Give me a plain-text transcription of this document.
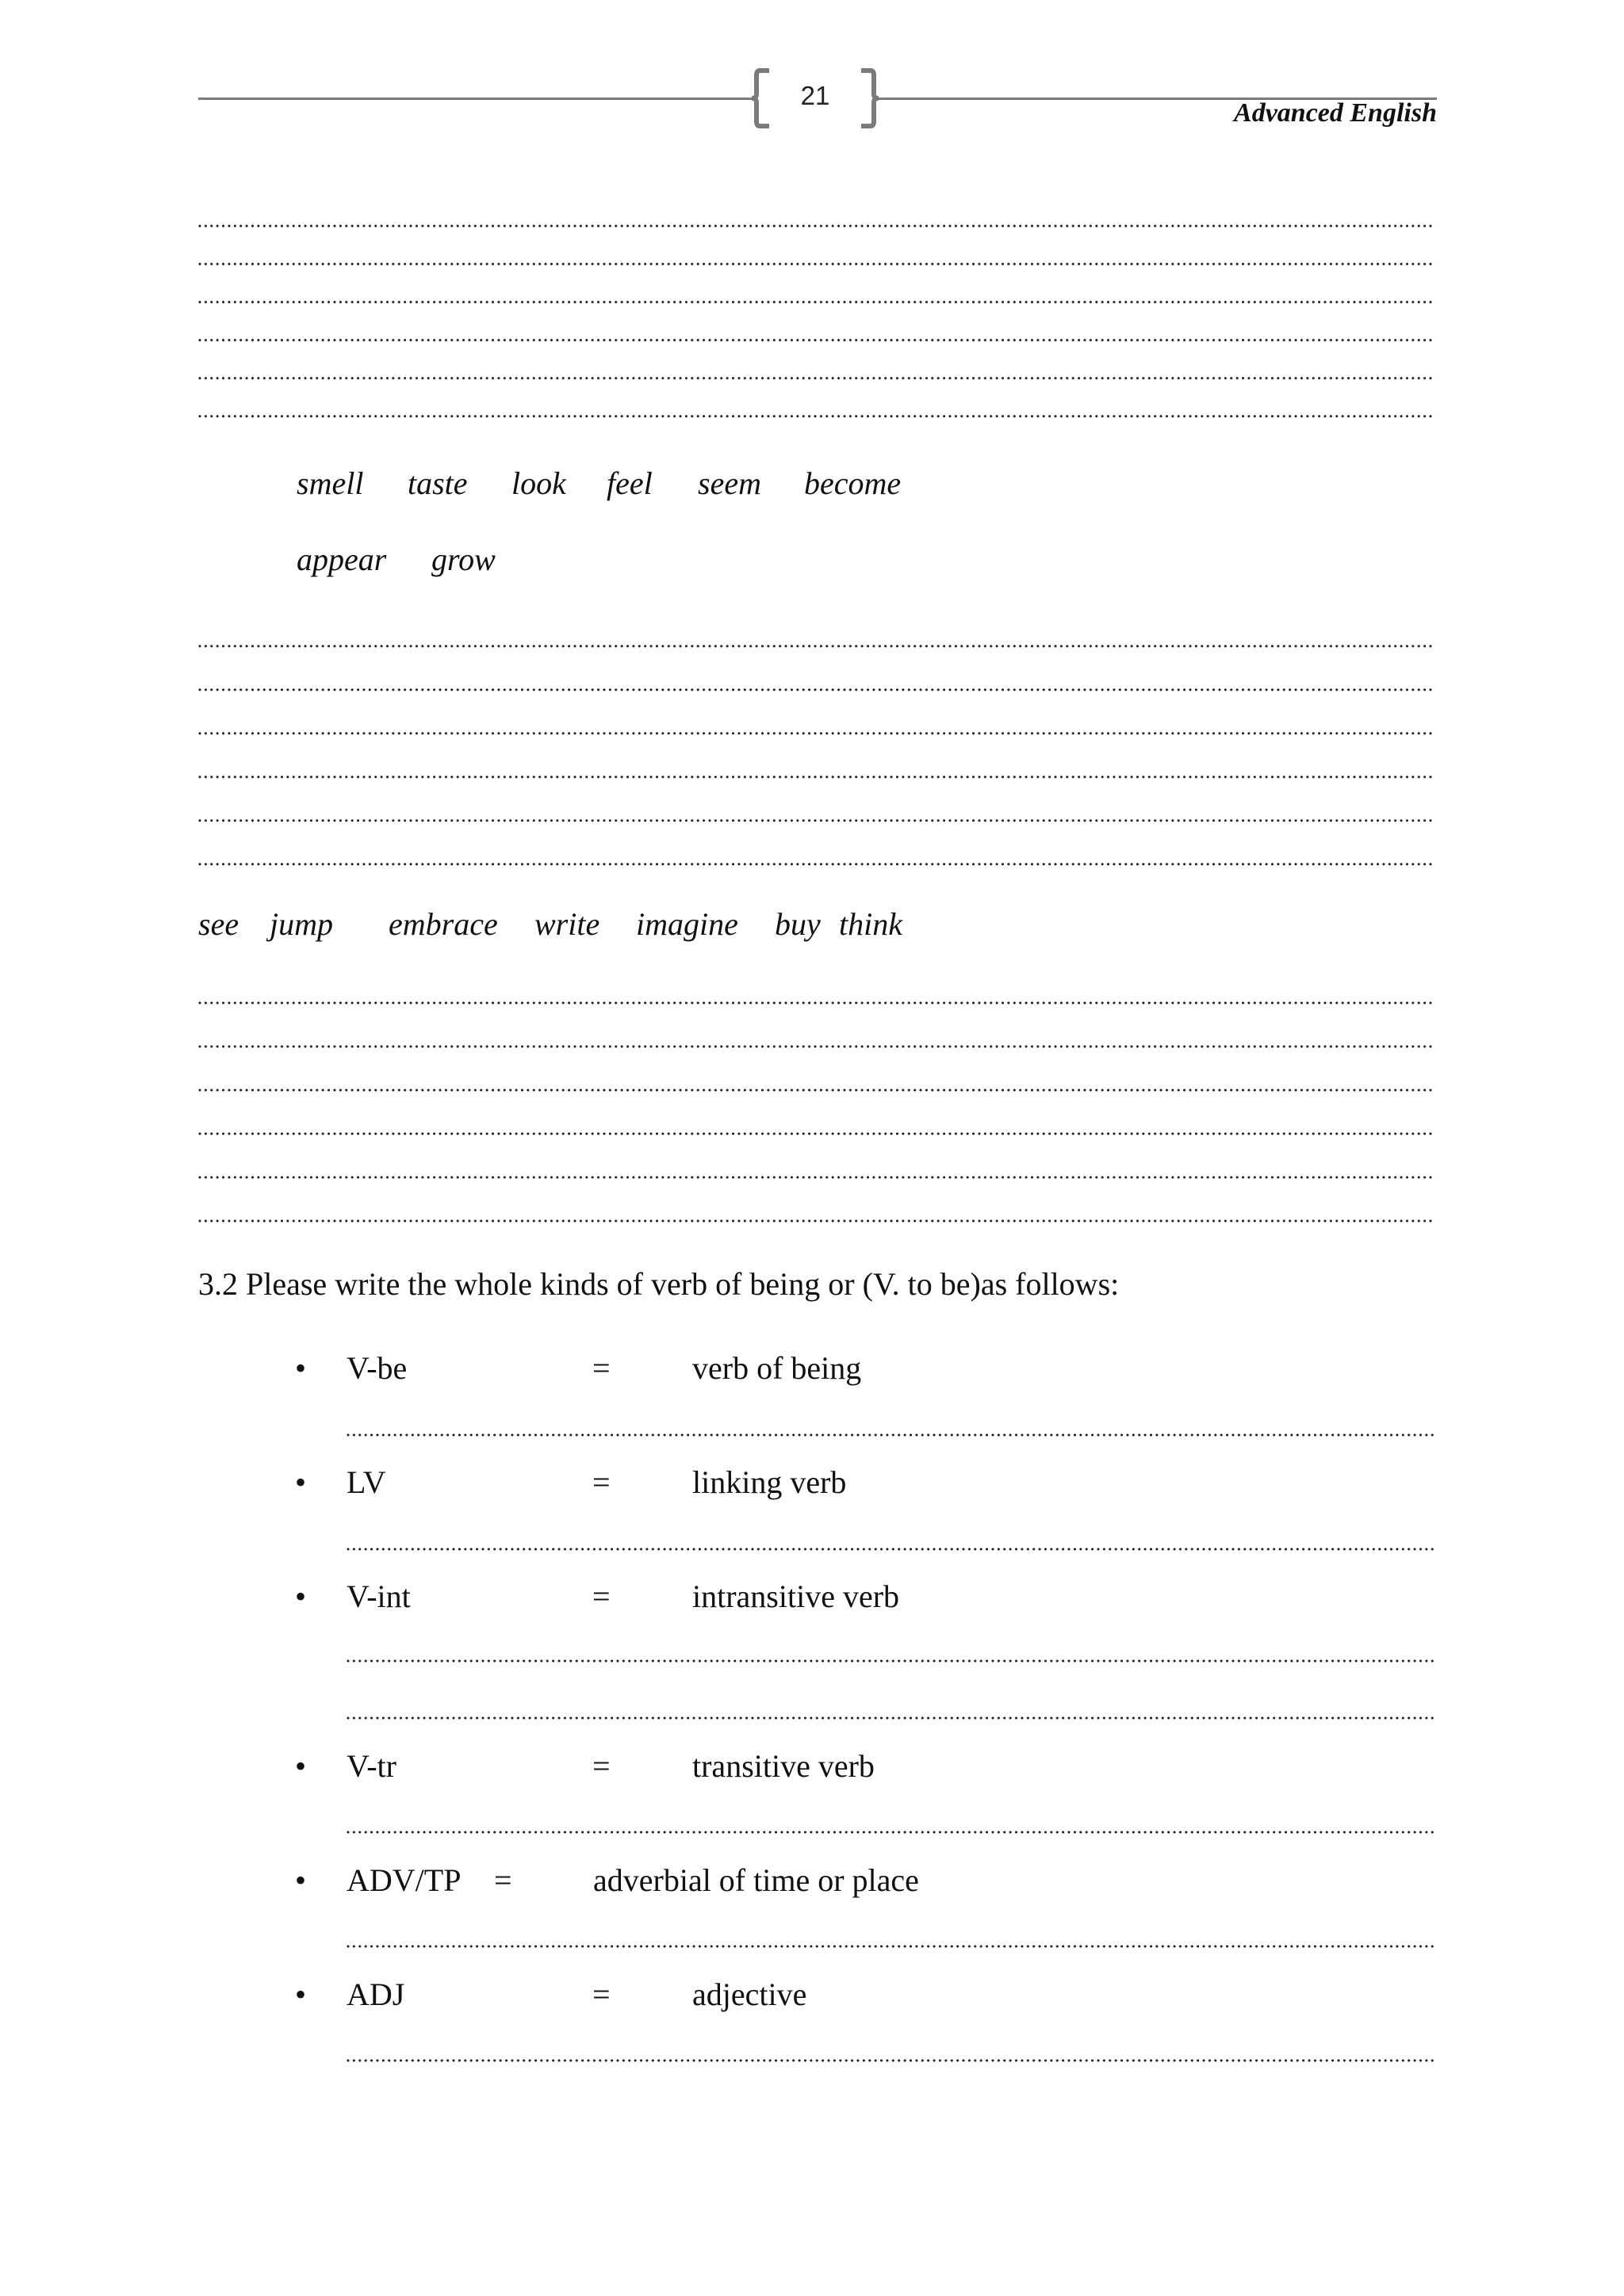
21
Advanced English
smell taste look feel seem become
appear grow
see jump embrace write imagine buy think
3.2 Please write the whole kinds of verb of being or (V. to be)as follows:
• V-be	=	verb of being
• LV	=	linking verb
• V-int	=	intransitive verb
• V-tr	=	transitive verb
• ADV/TP =	adverbial of time or place
• ADJ	=	adjective
